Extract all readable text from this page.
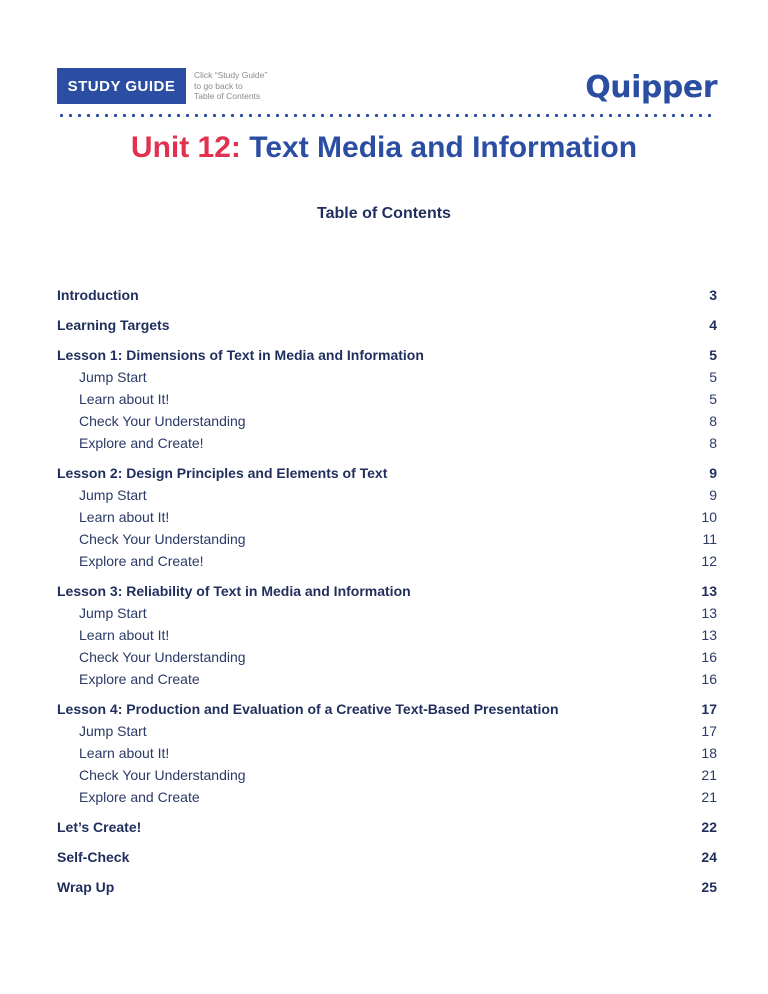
STUDY GUIDE
Click “Study Guide”
to go back to
Table of Contents	Quipper
Unit 12: Text Media and Information
Table of Contents
Introduction	3
Learning Targets	4
Lesson 1: Dimensions of Text in Media and Information	5
Jump Start	5
Learn about It!	5
Check Your Understanding	8
Explore and Create!	8
Lesson 2: Design Principles and Elements of Text	9
Jump Start	9
Learn about It!	10
Check Your Understanding	11
Explore and Create!	12
Lesson 3: Reliability of Text in Media and Information	13
Jump Start	13
Learn about It!	13
Check Your Understanding	16
Explore and Create	16
Lesson 4: Production and Evaluation of a Creative Text-Based Presentation	17
Jump Start	17
Learn about It!	18
Check Your Understanding	21
Explore and Create	21
Let’s Create!	22
Self-Check	24
Wrap Up	25
